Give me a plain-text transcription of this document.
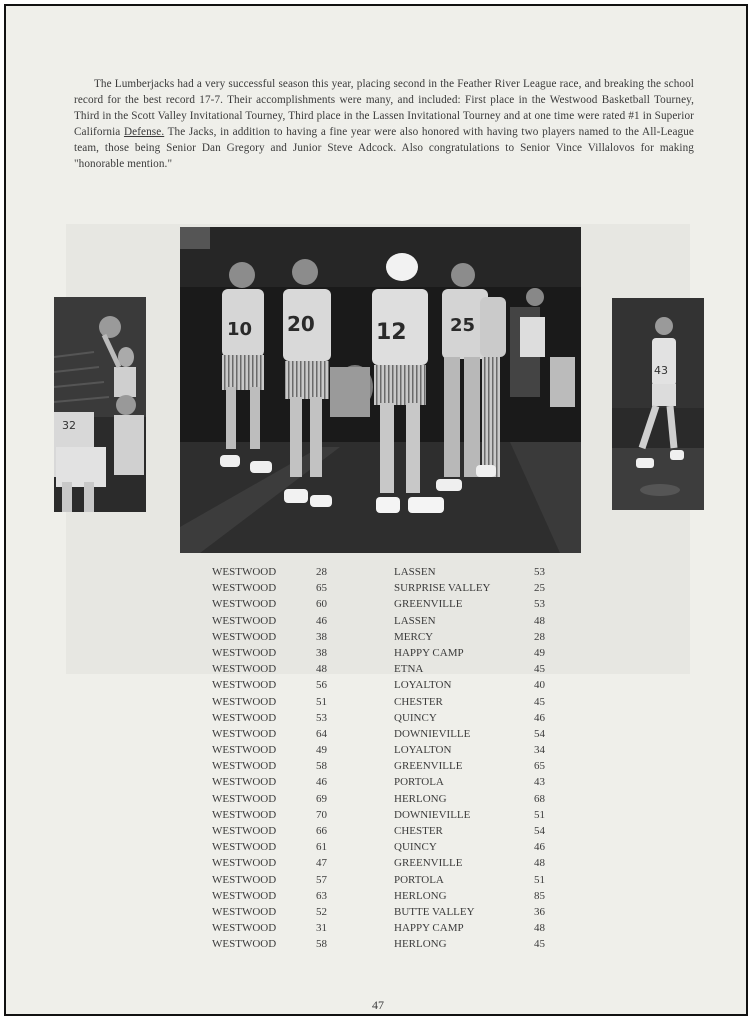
The Lumberjacks had a very successful season this year, placing second in the Feather River League race, and breaking the school record for the best record 17-7. Their accomplishments were many, and included: First place in the Westwood Basketball Tourney, Third in the Scott Valley Invitational Tourney, Third place in the Lassen Invitational Tourney and at one time were rated #1 in Superior California Defense. The Jacks, in addition to having a fine year were also honored with having two players named to the All-League team, those being Senior Dan Gregory and Junior Steve Adcock. Also congratulations to Senior Vince Villalovos for making "honorable mention."

32
10 20	12 25
43
WESTWOOD	28	LASSEN	53
WESTWOOD	65	SURPRISE VALLEY	25
WESTWOOD	60	GREENVILLE	53
WESTWOOD	46	LASSEN	48
WESTWOOD	38	MERCY	28
WESTWOOD	38	HAPPY CAMP	49
WESTWOOD	48	ETNA	45
WESTWOOD	56	LOYALTON	40
WESTWOOD	51	CHESTER	45
WESTWOOD	53	QUINCY	46
WESTWOOD	64	DOWNIEVILLE	54
WESTWOOD	49	LOYALTON	34
WESTWOOD	58	GREENVILLE	65
WESTWOOD	46	PORTOLA	43
WESTWOOD	69	HERLONG	68
WESTWOOD	70	DOWNIEVILLE	51
WESTWOOD	66	CHESTER	54
WESTWOOD	61	QUINCY	46
WESTWOOD	47	GREENVILLE	48
WESTWOOD	57	PORTOLA	51
WESTWOOD	63	HERLONG	85
WESTWOOD	52	BUTTE VALLEY	36
WESTWOOD	31	HAPPY CAMP	48
WESTWOOD	58	HERLONG	45
47
